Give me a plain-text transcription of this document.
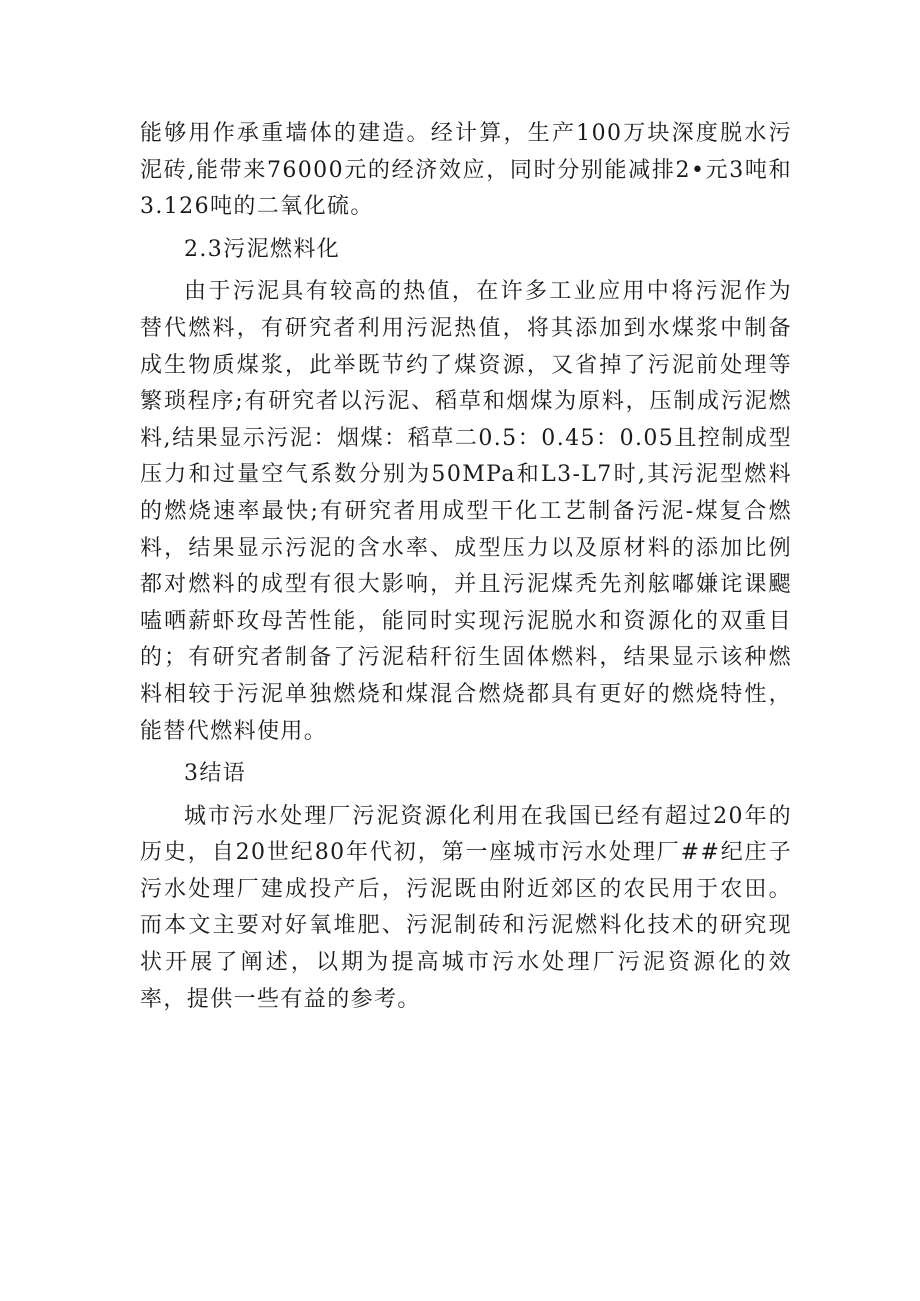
能够用作承重墙体的建造。经计算，生产100万块深度脱水污泥砖,能带来76000元的经济效应，同时分别能减排2•元3吨和3.126吨的二氧化硫。

2.3污泥燃料化

由于污泥具有较高的热值，在许多工业应用中将污泥作为替代燃料，有研究者利用污泥热值，将其添加到水煤浆中制备成生物质煤浆，此举既节约了煤资源，又省掉了污泥前处理等繁琐程序;有研究者以污泥、稻草和烟煤为原料，压制成污泥燃料,结果显示污泥：烟煤：稻草二0.5：0.45：0.05且控制成型压力和过量空气系数分别为50MPa和L3-L7时,其污泥型燃料的燃烧速率最快;有研究者用成型干化工艺制备污泥-煤复合燃料，结果显示污泥的含水率、成型压力以及原材料的添加比例都对燃料的成型有很大影响，并且污泥煤秃先剂舷嘟嫌诧课颸嗑哂薪虾玫母苦性能，能同时实现污泥脱水和资源化的双重目的；有研究者制备了污泥秸秆衍生固体燃料，结果显示该种燃料相较于污泥单独燃烧和煤混合燃烧都具有更好的燃烧特性，能替代燃料使用。

3结语

城市污水处理厂污泥资源化利用在我国已经有超过20年的历史，自20世纪80年代初，第一座城市污水处理厂##纪庄子污水处理厂建成投产后，污泥既由附近郊区的农民用于农田。而本文主要对好氧堆肥、污泥制砖和污泥燃料化技术的研究现状开展了阐述，以期为提高城市污水处理厂污泥资源化的效率，提供一些有益的参考。
